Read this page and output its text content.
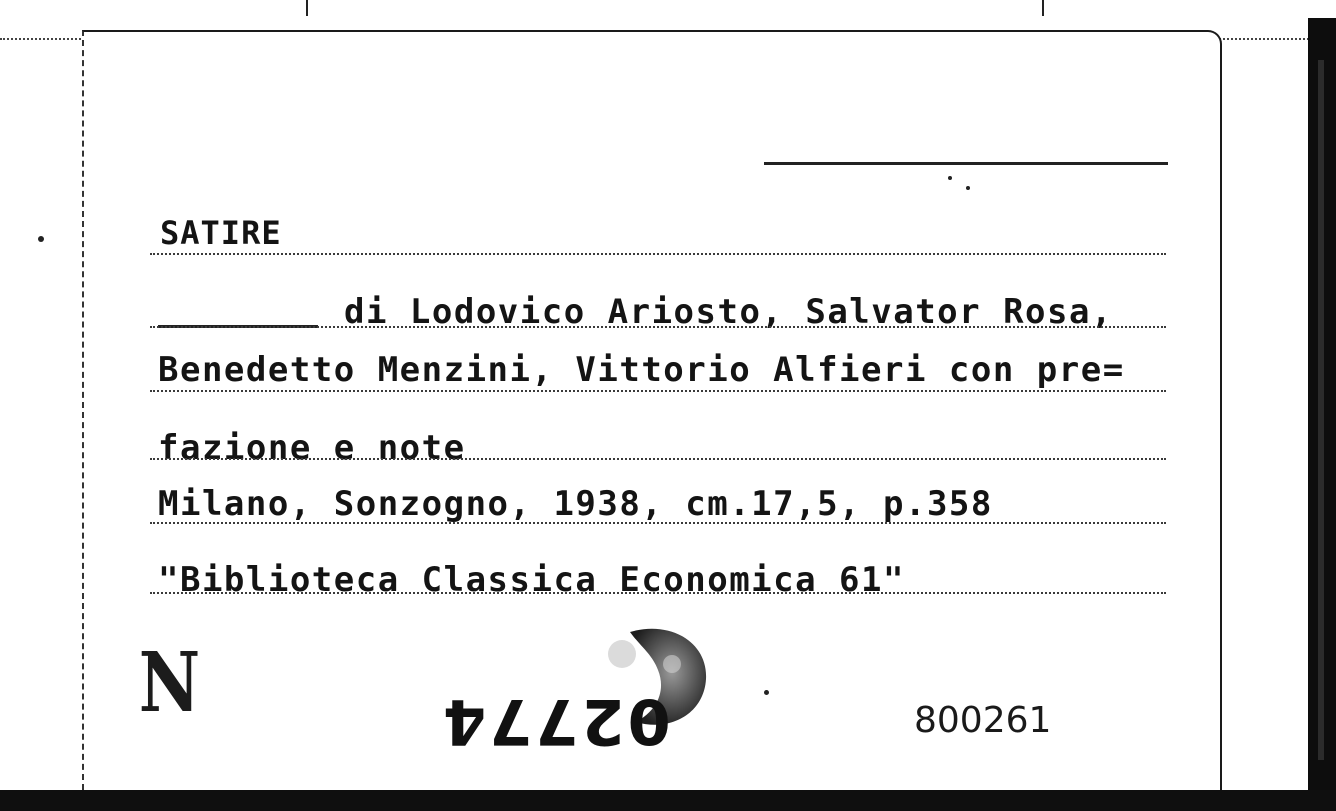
SATIRE
di Lodovico Ariosto, Salvator Rosa,
Benedetto Menzini, Vittorio Alfieri con pre=
fazione e note
Milano, Sonzogno, 1938, cm.17,5, p.358
"Biblioteca Classica Economica 61"
N	02774	800261
